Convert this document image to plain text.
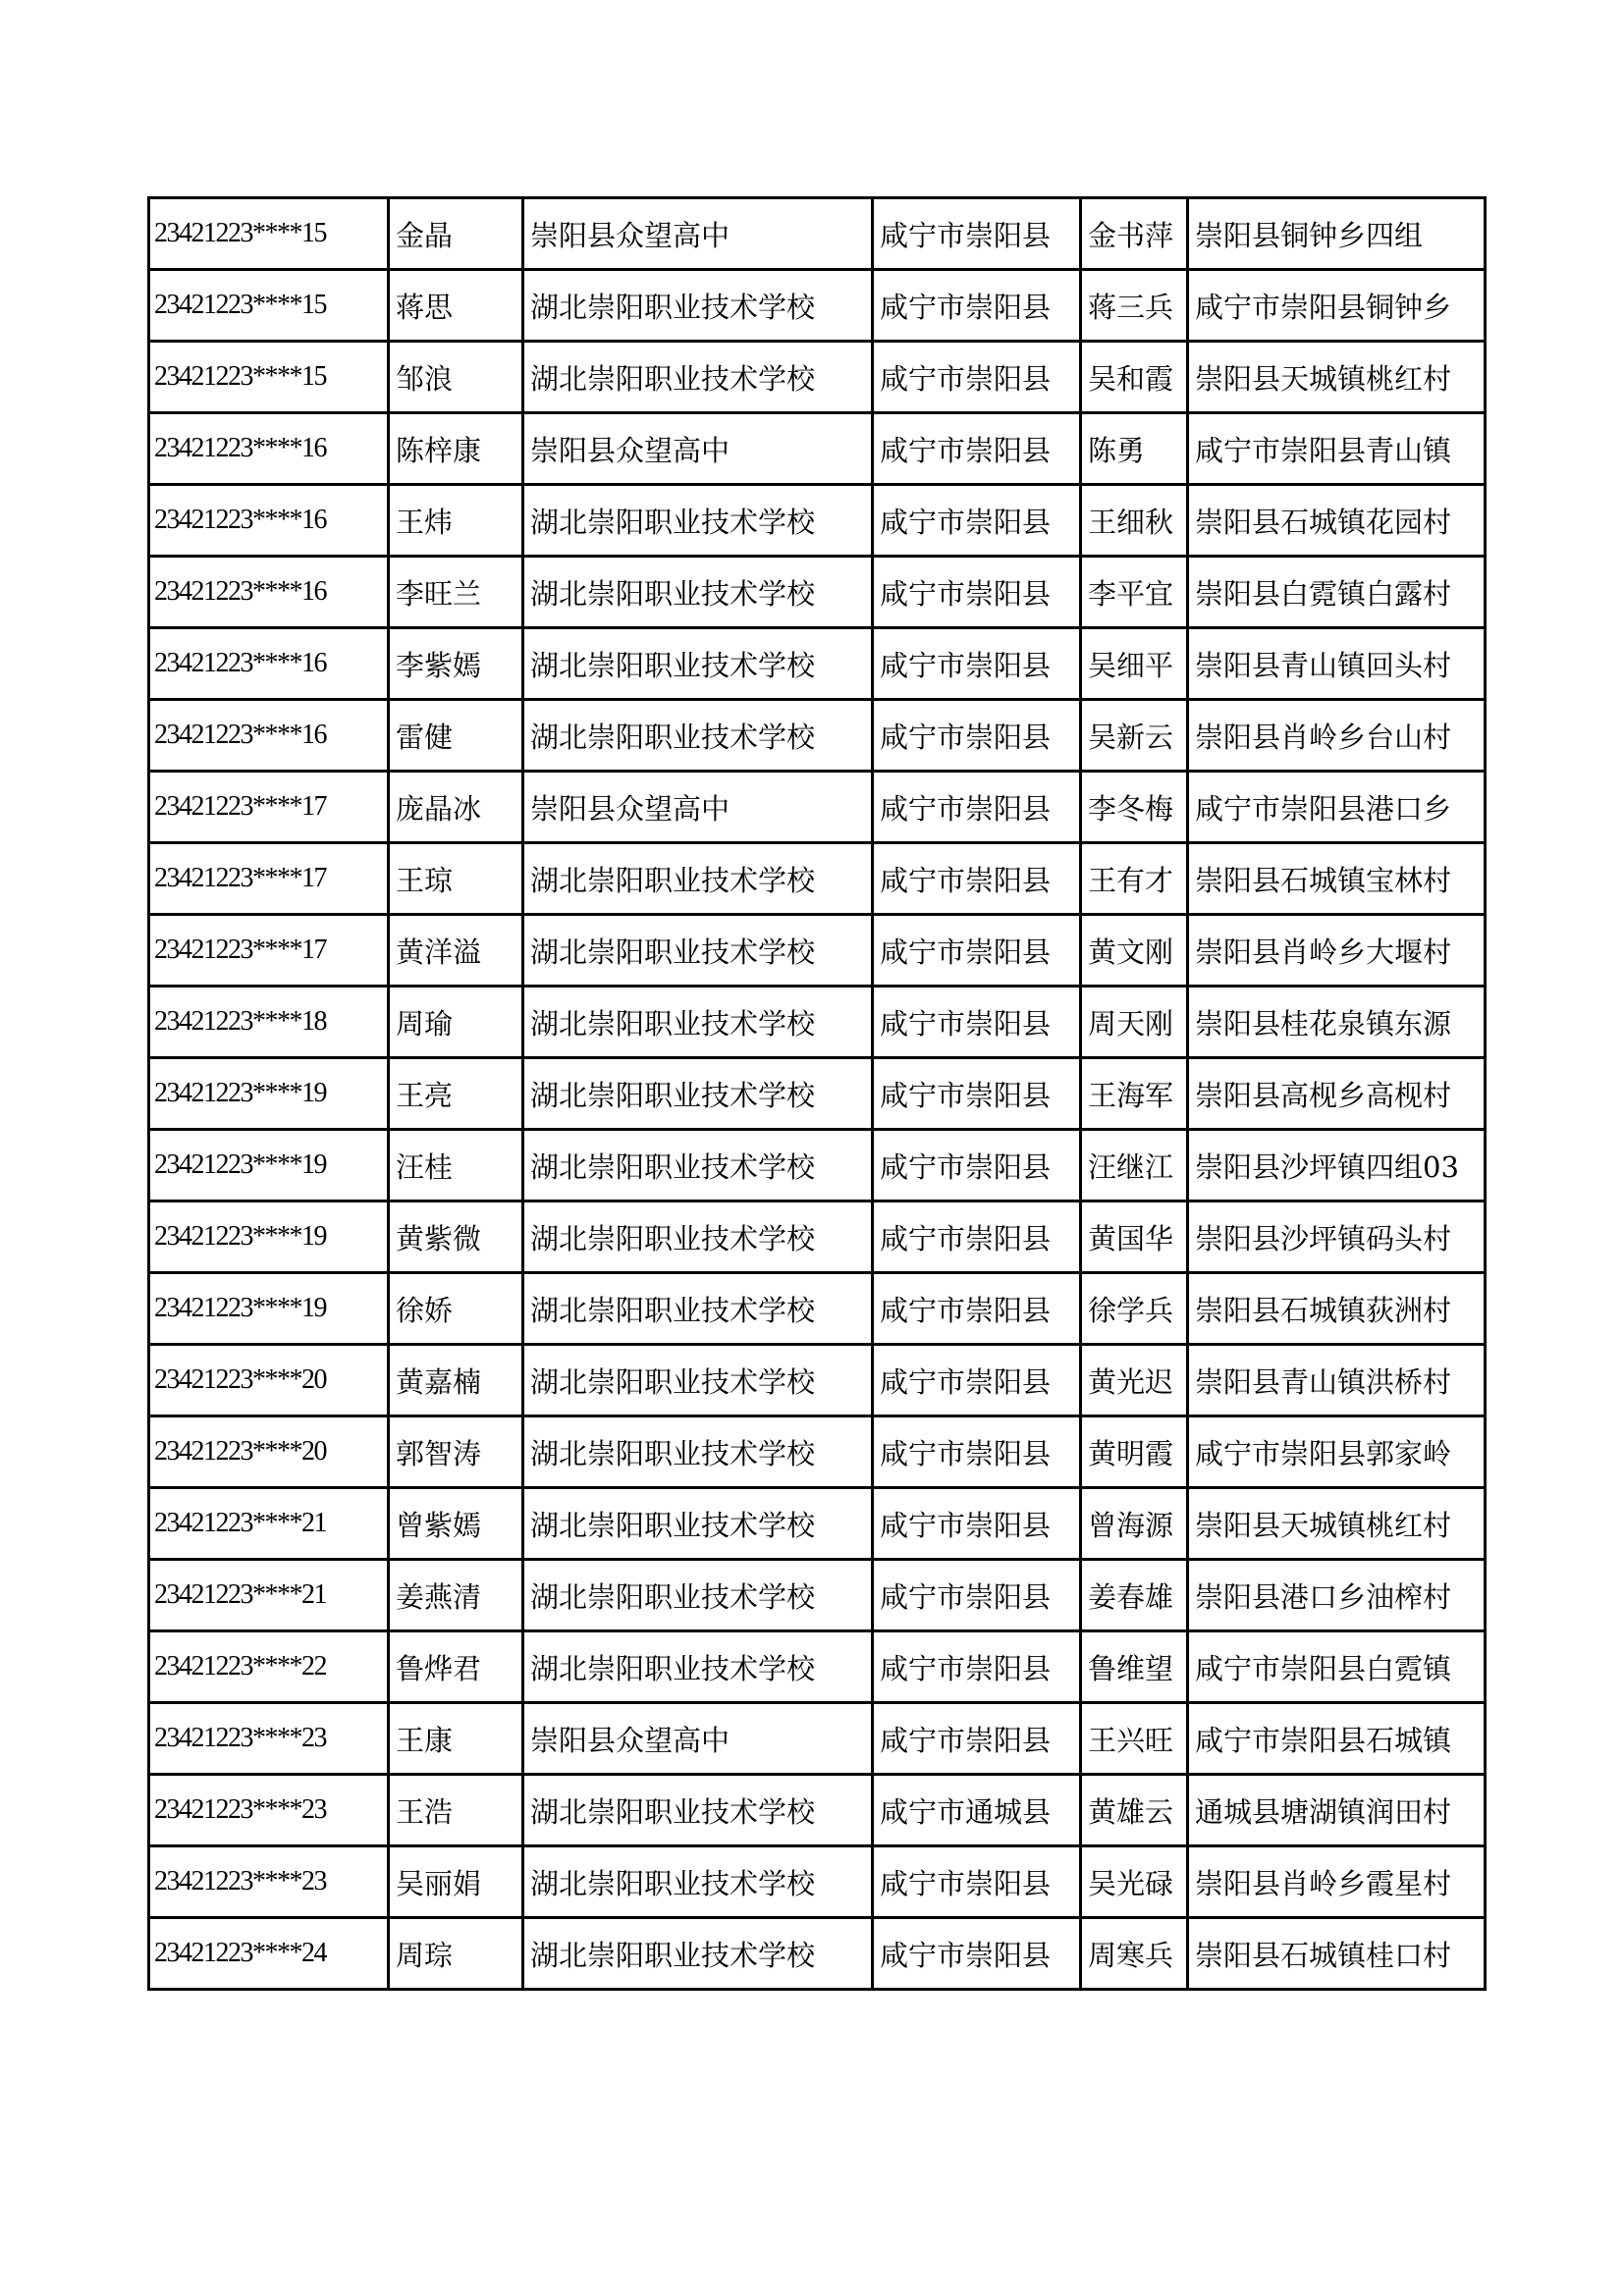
23421223****15	金晶	崇阳县众望高中	咸宁市崇阳县	金书萍	崇阳县铜钟乡四组
23421223****15	蒋思	湖北崇阳职业技术学校	咸宁市崇阳县	蒋三兵	咸宁市崇阳县铜钟乡
23421223****15	邹浪	湖北崇阳职业技术学校	咸宁市崇阳县	吴和霞	崇阳县天城镇桃红村
23421223****16	陈梓康	崇阳县众望高中	咸宁市崇阳县	陈勇	咸宁市崇阳县青山镇
23421223****16	王炜	湖北崇阳职业技术学校	咸宁市崇阳县	王细秋	崇阳县石城镇花园村
23421223****16	李旺兰	湖北崇阳职业技术学校	咸宁市崇阳县	李平宜	崇阳县白霓镇白露村
23421223****16	李紫嫣	湖北崇阳职业技术学校	咸宁市崇阳县	吴细平	崇阳县青山镇回头村
23421223****16	雷健	湖北崇阳职业技术学校	咸宁市崇阳县	吴新云	崇阳县肖岭乡台山村
23421223****17	庞晶冰	崇阳县众望高中	咸宁市崇阳县	李冬梅	咸宁市崇阳县港口乡
23421223****17	王琼	湖北崇阳职业技术学校	咸宁市崇阳县	王有才	崇阳县石城镇宝林村
23421223****17	黄洋溢	湖北崇阳职业技术学校	咸宁市崇阳县	黄文刚	崇阳县肖岭乡大堰村
23421223****18	周瑜	湖北崇阳职业技术学校	咸宁市崇阳县	周天刚	崇阳县桂花泉镇东源
23421223****19	王亮	湖北崇阳职业技术学校	咸宁市崇阳县	王海军	崇阳县高枧乡高枧村
23421223****19	汪桂	湖北崇阳职业技术学校	咸宁市崇阳县	汪继江	崇阳县沙坪镇四组03
23421223****19	黄紫微	湖北崇阳职业技术学校	咸宁市崇阳县	黄国华	崇阳县沙坪镇码头村
23421223****19	徐娇	湖北崇阳职业技术学校	咸宁市崇阳县	徐学兵	崇阳县石城镇荻洲村
23421223****20	黄嘉楠	湖北崇阳职业技术学校	咸宁市崇阳县	黄光迟	崇阳县青山镇洪桥村
23421223****20	郭智涛	湖北崇阳职业技术学校	咸宁市崇阳县	黄明霞	咸宁市崇阳县郭家岭
23421223****21	曾紫嫣	湖北崇阳职业技术学校	咸宁市崇阳县	曾海源	崇阳县天城镇桃红村
23421223****21	姜燕清	湖北崇阳职业技术学校	咸宁市崇阳县	姜春雄	崇阳县港口乡油榨村
23421223****22	鲁烨君	湖北崇阳职业技术学校	咸宁市崇阳县	鲁维望	咸宁市崇阳县白霓镇
23421223****23	王康	崇阳县众望高中	咸宁市崇阳县	王兴旺	咸宁市崇阳县石城镇
23421223****23	王浩	湖北崇阳职业技术学校	咸宁市通城县	黄雄云	通城县塘湖镇润田村
23421223****23	吴丽娟	湖北崇阳职业技术学校	咸宁市崇阳县	吴光碌	崇阳县肖岭乡霞星村
23421223****24	周琮	湖北崇阳职业技术学校	咸宁市崇阳县	周寒兵	崇阳县石城镇桂口村
